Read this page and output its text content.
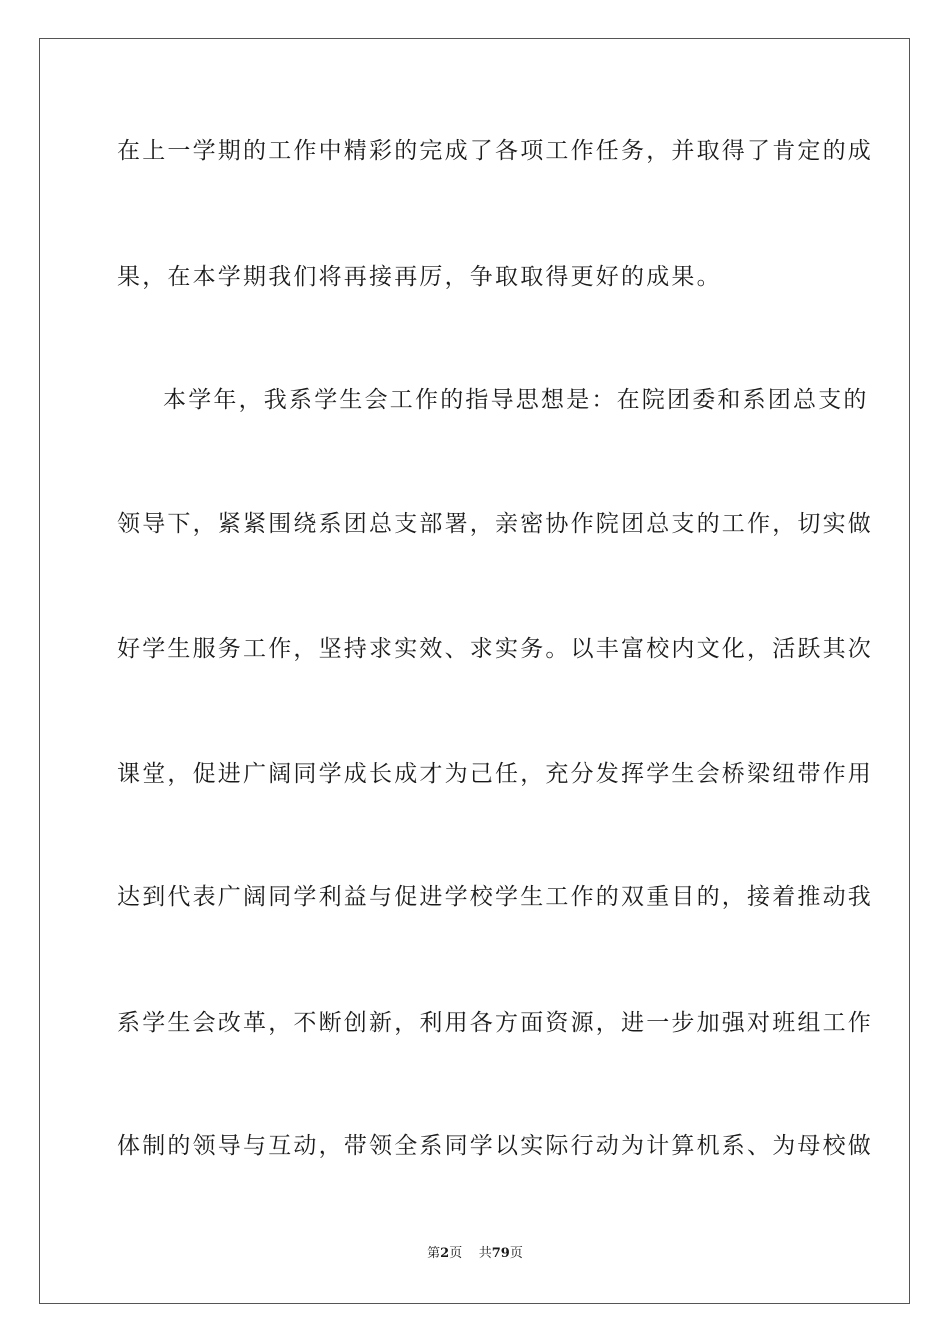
在上一学期的工作中精彩的完成了各项工作任务，并取得了肯定的成
果，在本学期我们将再接再厉，争取取得更好的成果。
本学年，我系学生会工作的指导思想是：在院团委和系团总支的
领导下，紧紧围绕系团总支部署，亲密协作院团总支的工作，切实做
好学生服务工作，坚持求实效、求实务。以丰富校内文化，活跃其次
课堂，促进广阔同学成长成才为己任，充分发挥学生会桥梁纽带作用
达到代表广阔同学利益与促进学校学生工作的双重目的，接着推动我
系学生会改革，不断创新，利用各方面资源，进一步加强对班组工作
体制的领导与互动，带领全系同学以实际行动为计算机系、为母校做
第2页 共79页
